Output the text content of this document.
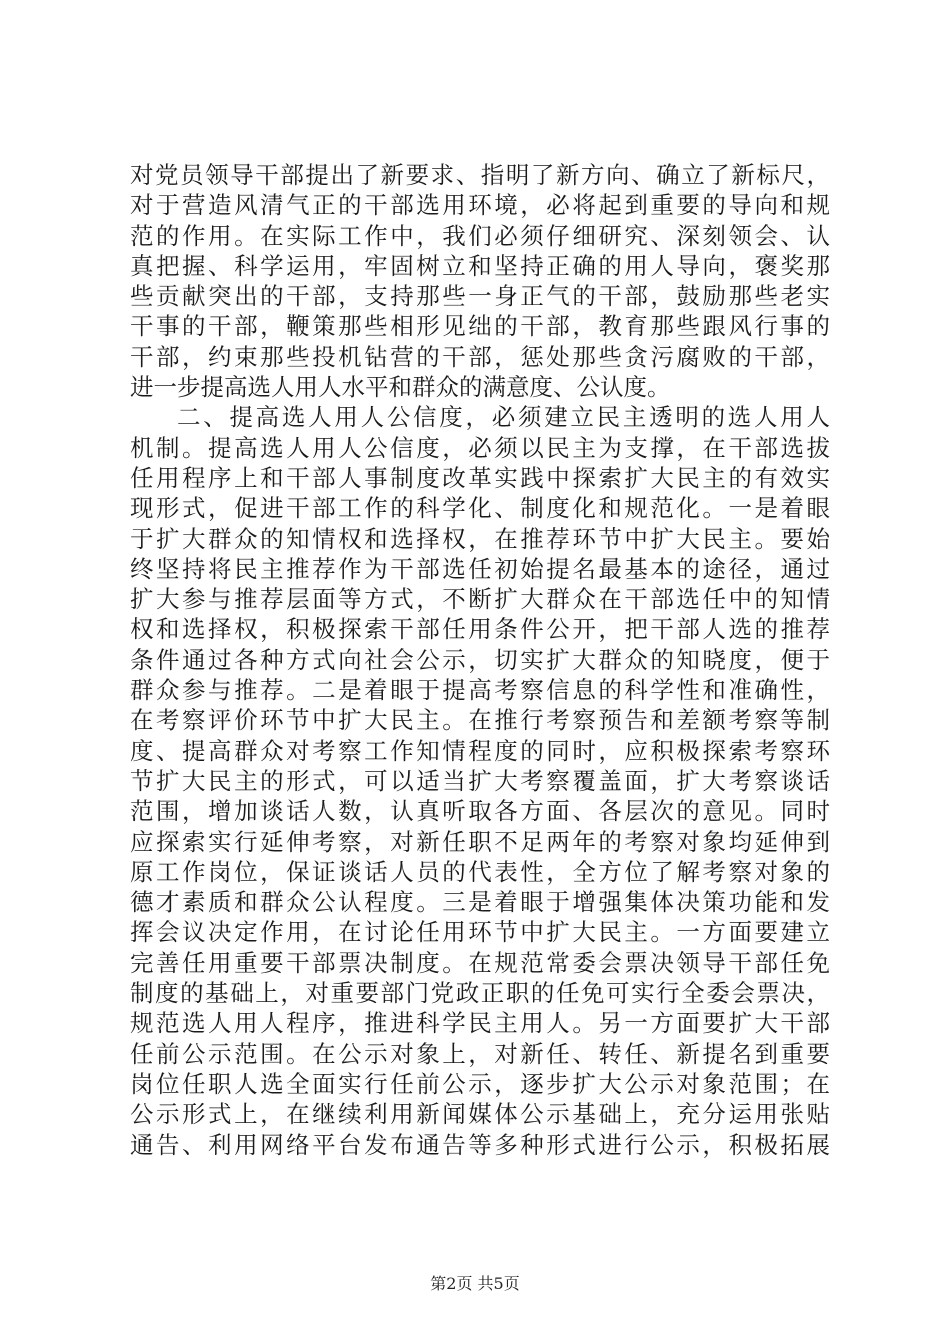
对党员领导干部提出了新要求、指明了新方向、确立了新标尺，
对于营造风清气正的干部选用环境，必将起到重要的导向和规
范的作用。在实际工作中，我们必须仔细研究、深刻领会、认
真把握、科学运用，牢固树立和坚持正确的用人导向，褒奖那
些贡献突出的干部，支持那些一身正气的干部，鼓励那些老实
干事的干部，鞭策那些相形见绌的干部，教育那些跟风行事的
干部，约束那些投机钻营的干部，惩处那些贪污腐败的干部，
进一步提高选人用人水平和群众的满意度、公认度。
二、提高选人用人公信度，必须建立民主透明的选人用人
机制。提高选人用人公信度，必须以民主为支撑，在干部选拔
任用程序上和干部人事制度改革实践中探索扩大民主的有效实
现形式，促进干部工作的科学化、制度化和规范化。一是着眼
于扩大群众的知情权和选择权，在推荐环节中扩大民主。要始
终坚持将民主推荐作为干部选任初始提名最基本的途径，通过
扩大参与推荐层面等方式，不断扩大群众在干部选任中的知情
权和选择权，积极探索干部任用条件公开，把干部人选的推荐
条件通过各种方式向社会公示，切实扩大群众的知晓度，便于
群众参与推荐。二是着眼于提高考察信息的科学性和准确性，
在考察评价环节中扩大民主。在推行考察预告和差额考察等制
度、提高群众对考察工作知情程度的同时，应积极探索考察环
节扩大民主的形式，可以适当扩大考察覆盖面，扩大考察谈话
范围，增加谈话人数，认真听取各方面、各层次的意见。同时
应探索实行延伸考察，对新任职不足两年的考察对象均延伸到
原工作岗位，保证谈话人员的代表性，全方位了解考察对象的
德才素质和群众公认程度。三是着眼于增强集体决策功能和发
挥会议决定作用，在讨论任用环节中扩大民主。一方面要建立
完善任用重要干部票决制度。在规范常委会票决领导干部任免
制度的基础上，对重要部门党政正职的任免可实行全委会票决，
规范选人用人程序，推进科学民主用人。另一方面要扩大干部
任前公示范围。在公示对象上，对新任、转任、新提名到重要
岗位任职人选全面实行任前公示，逐步扩大公示对象范围；在
公示形式上，在继续利用新闻媒体公示基础上，充分运用张贴
通告、利用网络平台发布通告等多种形式进行公示，积极拓展
第2页 共5页
